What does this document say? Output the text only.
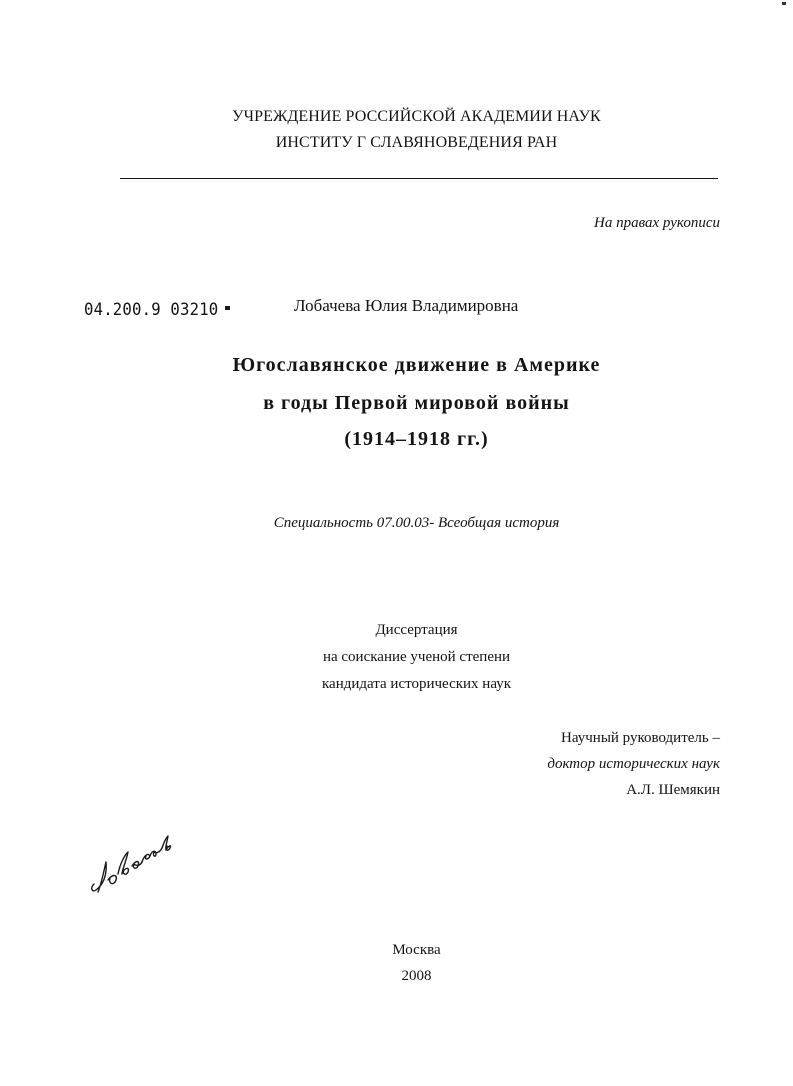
УЧРЕЖДЕНИЕ РОССИЙСКОЙ АКАДЕМИИ НАУК
ИНСТИТУ Г СЛАВЯНОВЕДЕНИЯ РАН
На правах рукописи
04.200.9 03210	Лобачева Юлия Владимировна
Югославянское движение в Америке
в годы Первой мировой войны
(1914–1918 гг.)
Специальность 07.00.03- Всеобщая история
Диссертация
на соискание ученой степени
кандидата исторических наук
Научный руководитель –
доктор исторических наук
А.Л. Шемякин
Москва
2008
